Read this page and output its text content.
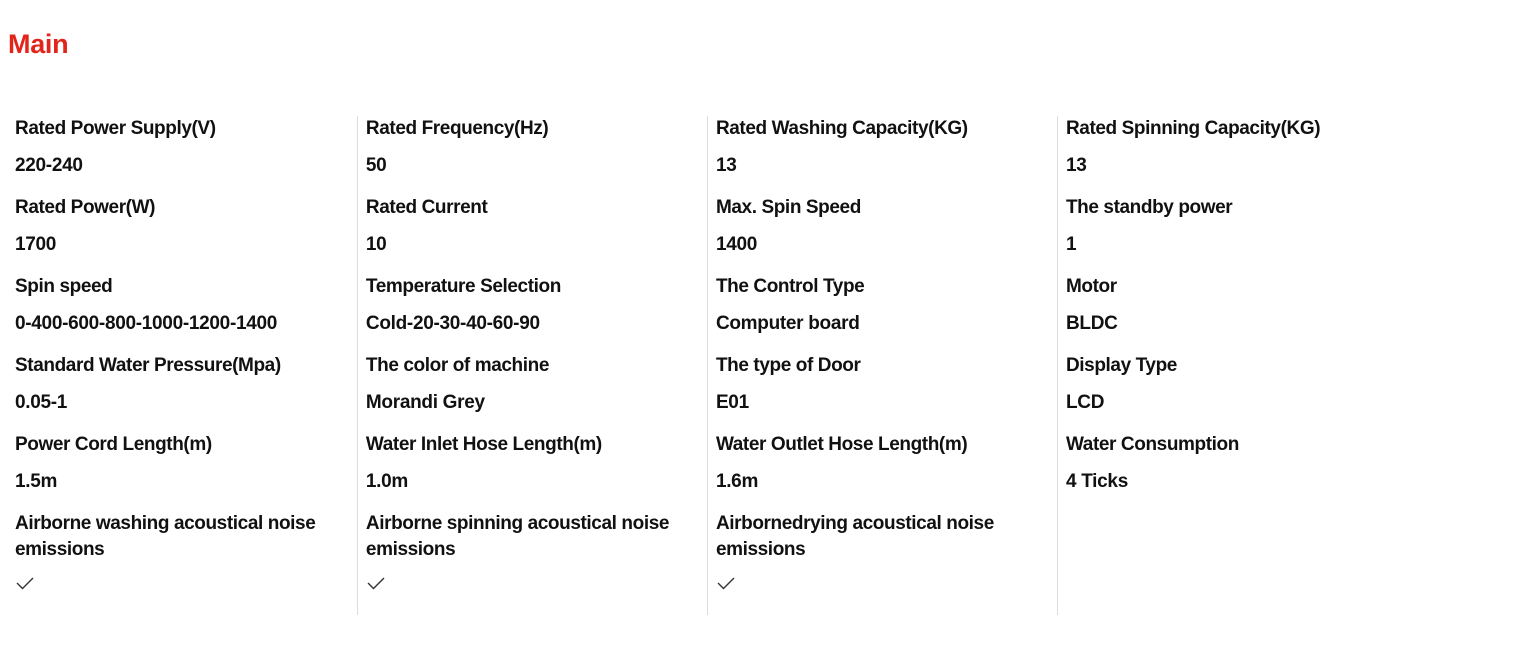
Main
Rated Power Supply(V)
220-240
Rated Power(W)
1700
Spin speed
0-400-600-800-1000-1200-1400
Standard Water Pressure(Mpa)
0.05-1
Power Cord Length(m)
1.5m
Airborne washing acoustical noise emissions
Rated Frequency(Hz)
50
Rated Current
10
Temperature Selection
Cold-20-30-40-60-90
The color of machine
Morandi Grey
Water Inlet Hose Length(m)
1.0m
Airborne spinning acoustical noise emissions
Rated Washing Capacity(KG)
13
Max. Spin Speed
1400
The Control Type
Computer board
The type of Door
E01
Water Outlet Hose Length(m)
1.6m
Airbornedrying acoustical noise emissions
Rated Spinning Capacity(KG)
13
The standby power
1
Motor
BLDC
Display Type
LCD
Water Consumption
4 Ticks
